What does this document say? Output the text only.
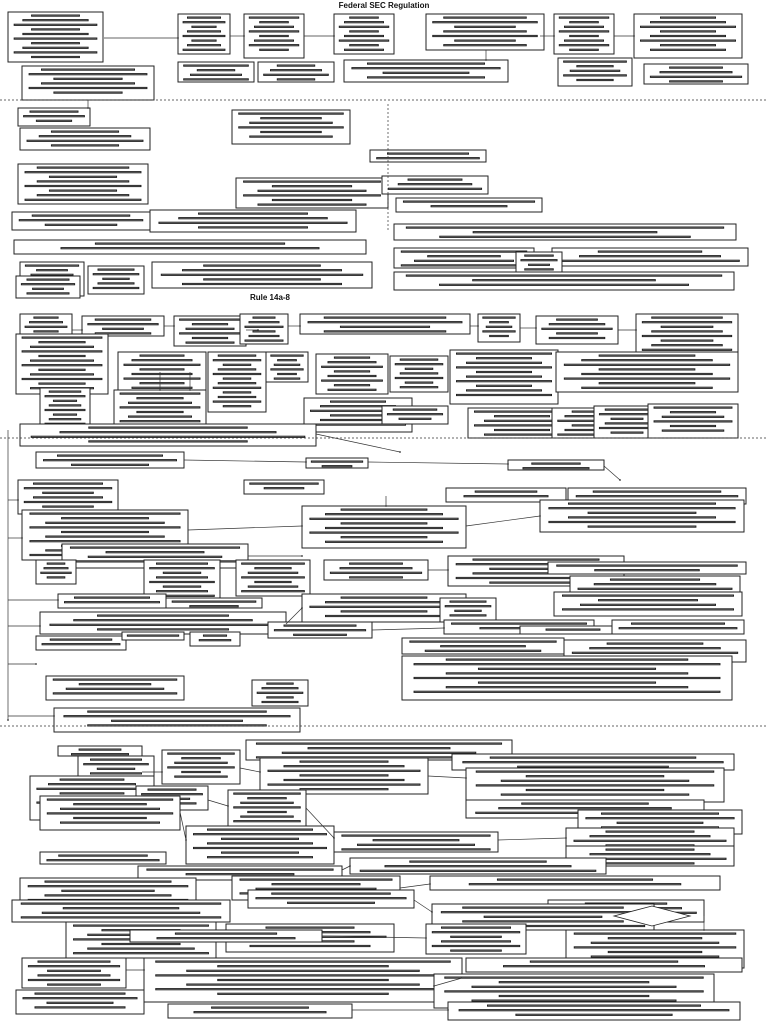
Federal SEC Regulation
Rule 14a-8
